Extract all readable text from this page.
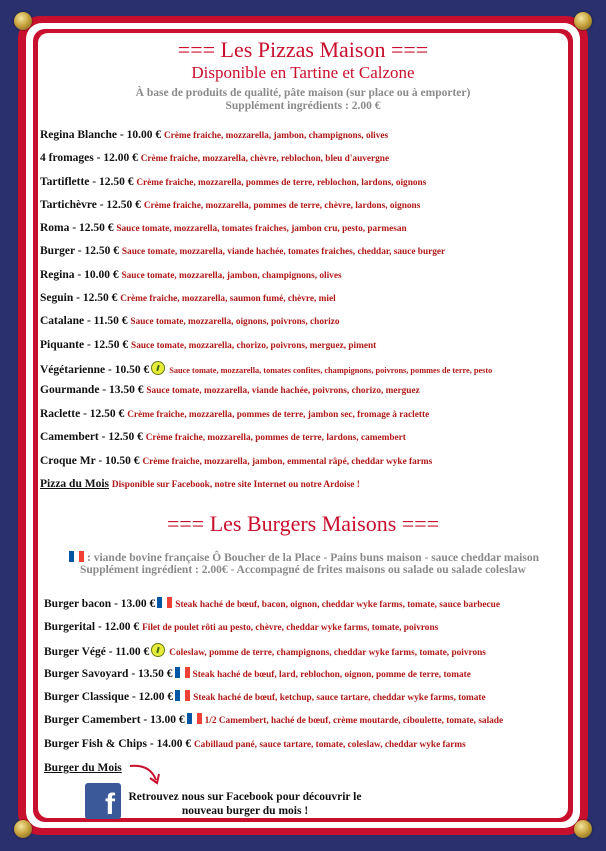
=== Les Pizzas Maison ===
Disponible en Tartine et Calzone
À base de produits de qualité, pâte maison (sur place ou à emporter)
Supplément ingrédients : 2.00 €
Regina Blanche - 10.00 € Crème fraiche, mozzarella, jambon, champignons, olives
4 fromages - 12.00 € Crème fraiche, mozzarella, chèvre, reblochon, bleu d'auvergne
Tartiflette - 12.50 € Crème fraiche, mozzarella, pommes de terre, reblochon, lardons, oignons
Tartichèvre - 12.50 € Crème fraiche, mozzarella, pommes de terre, chèvre, lardons, oignons
Roma - 12.50 € Sauce tomate, mozzarella, tomates fraiches, jambon cru, pesto, parmesan
Burger - 12.50 € Sauce tomate, mozzarella, viande hachée, tomates fraiches, cheddar, sauce burger
Regina - 10.00 € Sauce tomate, mozzarella, jambon, champignons, olives
Seguin - 12.50 € Crème fraiche, mozzarella, saumon fumé, chèvre, miel
Catalane - 11.50 € Sauce tomate, mozzarella, oignons, poivrons, chorizo
Piquante - 12.50 € Sauce tomate, mozzarella, chorizo, poivrons, merguez, piment
Végétarienne - 10.50 € Sauce tomate, mozzarella, tomates confites, champignons, poivrons, pommes de terre, pesto
Gourmande - 13.50 € Sauce tomate, mozzarella, viande hachée, poivrons, chorizo, merguez
Raclette - 12.50 € Crème fraiche, mozzarella, pommes de terre, jambon sec, fromage à raclette
Camembert - 12.50 € Crème fraiche, mozzarella, pommes de terre, lardons, camembert
Croque Mr - 10.50 € Crème fraiche, mozzarella, jambon, emmental râpé, cheddar wyke farms
Pizza du Mois Disponible sur Facebook, notre site Internet ou notre Ardoise !
=== Les Burgers Maisons ===
: viande bovine française Ô Boucher de la Place - Pains buns maison - sauce cheddar maison
Supplément ingrédient : 2.00€ - Accompagné de frites maisons ou salade ou salade coleslaw
Burger bacon - 13.00 € Steak haché de bœuf, bacon, oignon, cheddar wyke farms, tomate, sauce barbecue
Burgerital - 12.00 € Filet de poulet rôti au pesto, chèvre, cheddar wyke farms, tomate, poivrons
Burger Végé - 11.00 € Coleslaw, pomme de terre, champignons, cheddar wyke farms, tomate, poivrons
Burger Savoyard - 13.50 € Steak haché de bœuf, lard, reblochon, oignon, pomme de terre, tomate
Burger Classique - 12.00 € Steak haché de bœuf, ketchup, sauce tartare, cheddar wyke farms, tomate
Burger Camembert - 13.00 € 1/2 Camembert, haché de bœuf, crème moutarde, ciboulette, tomate, salade
Burger Fish & Chips - 14.00 € Cabillaud pané, sauce tartare, tomate, coleslaw, cheddar wyke farms
Burger du Mois
f	Retrouvez nous sur Facebook pour découvrir le nouveau burger du mois !
